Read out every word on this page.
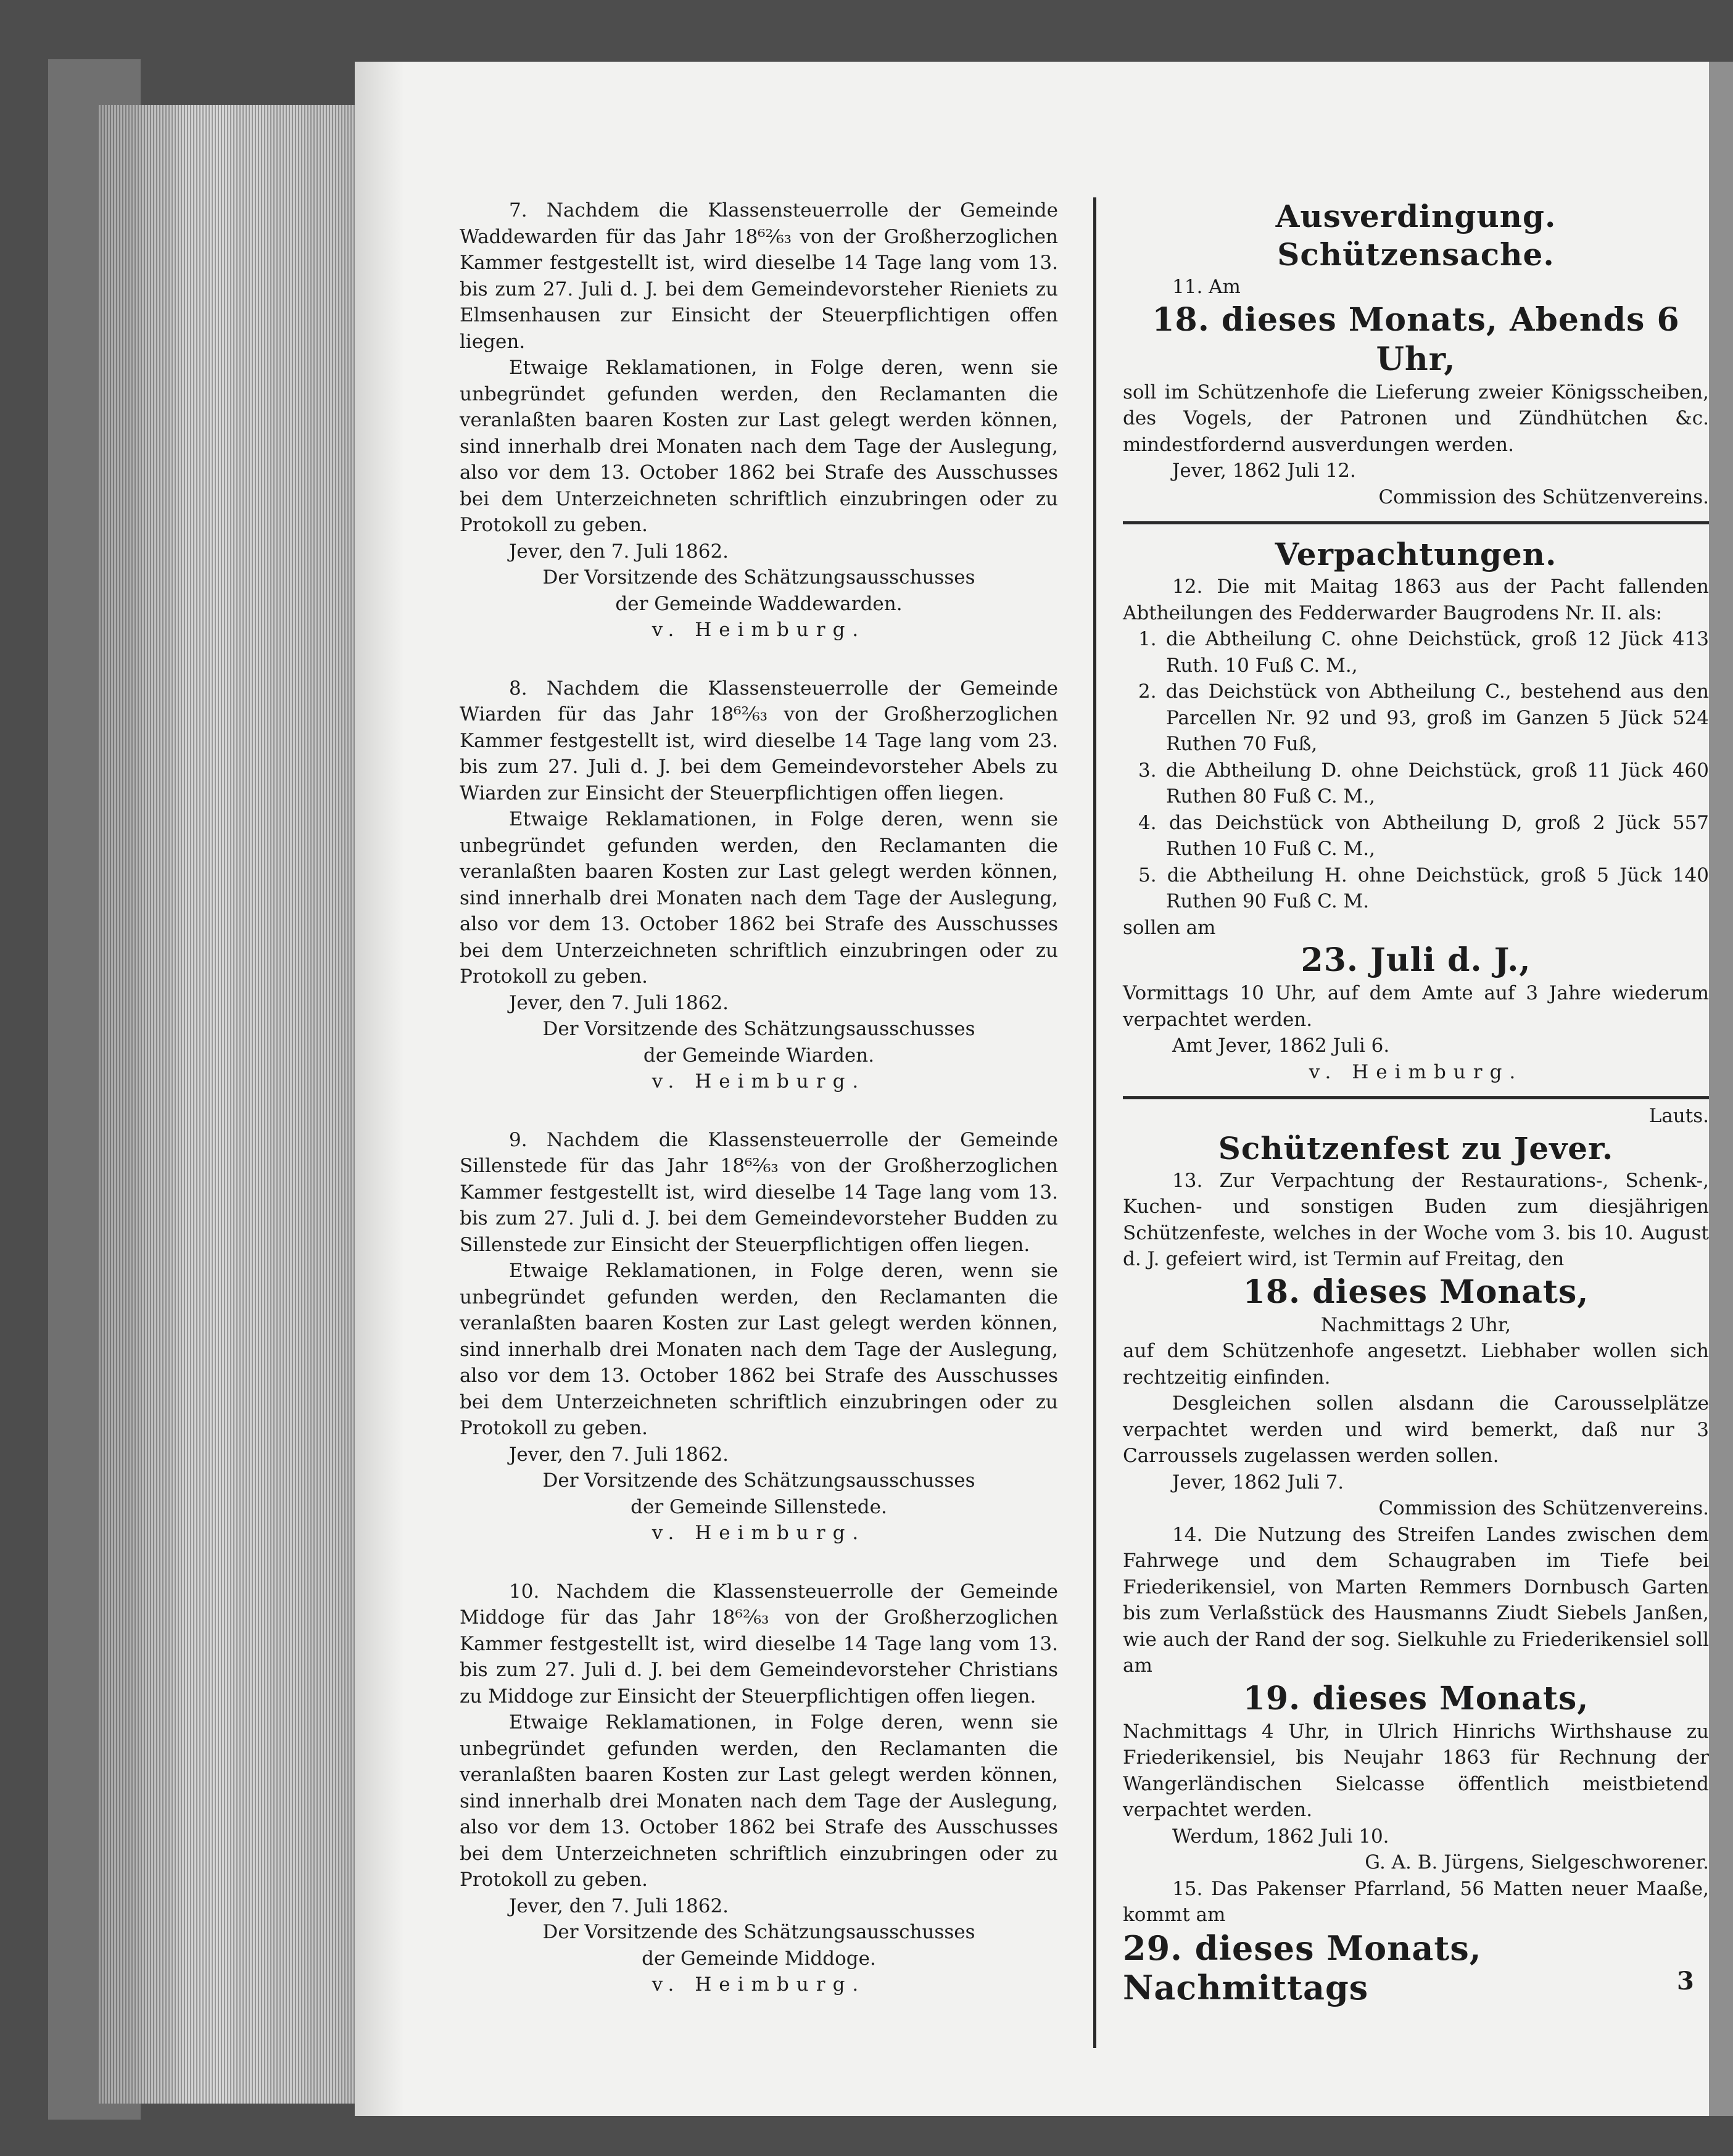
7. Nachdem die Klassensteuerrolle der Gemeinde Waddewarden für das Jahr 18⁶²⁄₆₃ von der Großherzoglichen Kammer festgestellt ist, wird dieselbe 14 Tage lang vom 13. bis zum 27. Juli d. J. bei dem Gemeindevorsteher Rieniets zu Elmsenhausen zur Einsicht der Steuerpflichtigen offen liegen.

Etwaige Reklamationen, in Folge deren, wenn sie unbegründet gefunden werden, den Reclamanten die veranlaßten baaren Kosten zur Last gelegt werden können, sind innerhalb drei Monaten nach dem Tage der Auslegung, also vor dem 13. October 1862 bei Strafe des Ausschusses bei dem Unterzeichneten schriftlich einzubringen oder zu Protokoll zu geben.

Jever, den 7. Juli 1862.

Der Vorsitzende des Schätzungsausschusses

der Gemeinde Waddewarden.

v. Heimburg.

8. Nachdem die Klassensteuerrolle der Gemeinde Wiarden für das Jahr 18⁶²⁄₆₃ von der Großherzoglichen Kammer festgestellt ist, wird dieselbe 14 Tage lang vom 23. bis zum 27. Juli d. J. bei dem Gemeindevorsteher Abels zu Wiarden zur Einsicht der Steuerpflichtigen offen liegen.

Etwaige Reklamationen, in Folge deren, wenn sie unbegründet gefunden werden, den Reclamanten die veranlaßten baaren Kosten zur Last gelegt werden können, sind innerhalb drei Monaten nach dem Tage der Auslegung, also vor dem 13. October 1862 bei Strafe des Ausschusses bei dem Unterzeichneten schriftlich einzubringen oder zu Protokoll zu geben.

Jever, den 7. Juli 1862.

Der Vorsitzende des Schätzungsausschusses

der Gemeinde Wiarden.

v. Heimburg.

9. Nachdem die Klassensteuerrolle der Gemeinde Sillenstede für das Jahr 18⁶²⁄₆₃ von der Großherzoglichen Kammer festgestellt ist, wird dieselbe 14 Tage lang vom 13. bis zum 27. Juli d. J. bei dem Gemeindevorsteher Budden zu Sillenstede zur Einsicht der Steuerpflichtigen offen liegen.

Etwaige Reklamationen, in Folge deren, wenn sie unbegründet gefunden werden, den Reclamanten die veranlaßten baaren Kosten zur Last gelegt werden können, sind innerhalb drei Monaten nach dem Tage der Auslegung, also vor dem 13. October 1862 bei Strafe des Ausschusses bei dem Unterzeichneten schriftlich einzubringen oder zu Protokoll zu geben.

Jever, den 7. Juli 1862.

Der Vorsitzende des Schätzungsausschusses

der Gemeinde Sillenstede.

v. Heimburg.

10. Nachdem die Klassensteuerrolle der Gemeinde Middoge für das Jahr 18⁶²⁄₆₃ von der Großherzoglichen Kammer festgestellt ist, wird dieselbe 14 Tage lang vom 13. bis zum 27. Juli d. J. bei dem Gemeindevorsteher Christians zu Middoge zur Einsicht der Steuerpflichtigen offen liegen.

Etwaige Reklamationen, in Folge deren, wenn sie unbegründet gefunden werden, den Reclamanten die veranlaßten baaren Kosten zur Last gelegt werden können, sind innerhalb drei Monaten nach dem Tage der Auslegung, also vor dem 13. October 1862 bei Strafe des Ausschusses bei dem Unterzeichneten schriftlich einzubringen oder zu Protokoll zu geben.

Jever, den 7. Juli 1862.

Der Vorsitzende des Schätzungsausschusses

der Gemeinde Middoge.

v. Heimburg.

Ausverdingung.

Schützensache.

11. Am

18. dieses Monats, Abends 6 Uhr,

soll im Schützenhofe die Lieferung zweier Königsscheiben, des Vogels, der Patronen und Zündhütchen &c. mindestfordernd ausverdungen werden.

Jever, 1862 Juli 12.

Commission des Schützenvereins.

Verpachtungen.

12. Die mit Maitag 1863 aus der Pacht fallenden Abtheilungen des Fedderwarder Baugrodens Nr. II. als:

1. die Abtheilung C. ohne Deichstück, groß 12 Jück 413 Ruth. 10 Fuß C. M.,

2. das Deichstück von Abtheilung C., bestehend aus den Parcellen Nr. 92 und 93, groß im Ganzen 5 Jück 524 Ruthen 70 Fuß,

3. die Abtheilung D. ohne Deichstück, groß 11 Jück 460 Ruthen 80 Fuß C. M.,

4. das Deichstück von Abtheilung D, groß 2 Jück 557 Ruthen 10 Fuß C. M.,

5. die Abtheilung H. ohne Deichstück, groß 5 Jück 140 Ruthen 90 Fuß C. M.

sollen am

23. Juli d. J.,

Vormittags 10 Uhr, auf dem Amte auf 3 Jahre wiederum verpachtet werden.

Amt Jever, 1862 Juli 6.

v. Heimburg.

Lauts.

Schützenfest zu Jever.

13. Zur Verpachtung der Restaurations-, Schenk-, Kuchen- und sonstigen Buden zum diesjährigen Schützenfeste, welches in der Woche vom 3. bis 10. August d. J. gefeiert wird, ist Termin auf Freitag, den

18. dieses Monats,

Nachmittags 2 Uhr,

auf dem Schützenhofe angesetzt. Liebhaber wollen sich rechtzeitig einfinden.

Desgleichen sollen alsdann die Carousselplätze verpachtet werden und wird bemerkt, daß nur 3 Carroussels zugelassen werden sollen.

Jever, 1862 Juli 7.

Commission des Schützenvereins.

14. Die Nutzung des Streifen Landes zwischen dem Fahrwege und dem Schaugraben im Tiefe bei Friederikensiel, von Marten Remmers Dornbusch Garten bis zum Verlaßstück des Hausmanns Ziudt Siebels Janßen, wie auch der Rand der sog. Sielkuhle zu Friederikensiel soll am

19. dieses Monats,

Nachmittags 4 Uhr, in Ulrich Hinrichs Wirthshause zu Friederikensiel, bis Neujahr 1863 für Rechnung der Wangerländischen Sielcasse öffentlich meistbietend verpachtet werden.

Werdum, 1862 Juli 10.

G. A. B. Jürgens, Sielgeschworener.

15. Das Pakenser Pfarrland, 56 Matten neuer Maaße, kommt am

29. dieses Monats, Nachmittags	3
